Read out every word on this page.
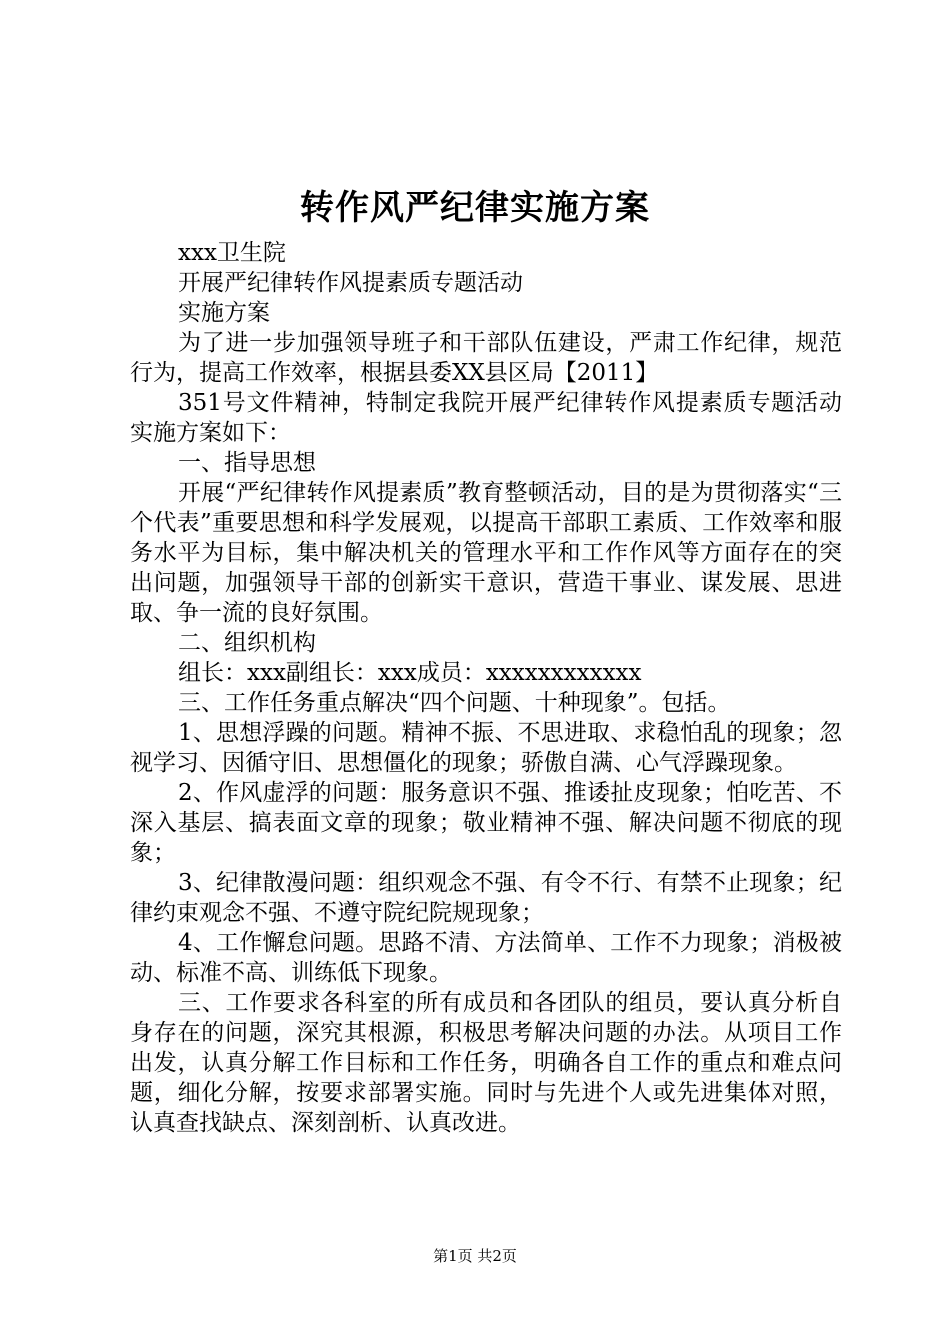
转作风严纪律实施方案

xxx卫生院

开展严纪律转作风提素质专题活动

实施方案

为了进一步加强领导班子和干部队伍建设，严肃工作纪律，规范行为，提高工作效率，根据县委XX县区局【2011】

351号文件精神，特制定我院开展严纪律转作风提素质专题活动实施方案如下：

一、指导思想

开展“严纪律转作风提素质”教育整顿活动，目的是为贯彻落实“三个代表”重要思想和科学发展观，以提高干部职工素质、工作效率和服务水平为目标，集中解决机关的管理水平和工作作风等方面存在的突出问题，加强领导干部的创新实干意识，营造干事业、谋发展、思进取、争一流的良好氛围。

二、组织机构

组长：xxx副组长：xxx成员：xxxxxxxxxxxx

三、工作任务重点解决“四个问题、十种现象”。包括。

1、思想浮躁的问题。精神不振、不思进取、求稳怕乱的现象；忽视学习、因循守旧、思想僵化的现象；骄傲自满、心气浮躁现象。

2、作风虚浮的问题：服务意识不强、推诿扯皮现象；怕吃苦、不深入基层、搞表面文章的现象；敬业精神不强、解决问题不彻底的现象；

3、纪律散漫问题：组织观念不强、有令不行、有禁不止现象；纪律约束观念不强、不遵守院纪院规现象；

4、工作懈怠问题。思路不清、方法简单、工作不力现象；消极被动、标准不高、训练低下现象。

三、工作要求各科室的所有成员和各团队的组员，要认真分析自身存在的问题，深究其根源，积极思考解决问题的办法。从项目工作出发，认真分解工作目标和工作任务，明确各自工作的重点和难点问题，细化分解，按要求部署实施。同时与先进个人或先进集体对照，认真查找缺点、深刻剖析、认真改进。

第1页 共2页
